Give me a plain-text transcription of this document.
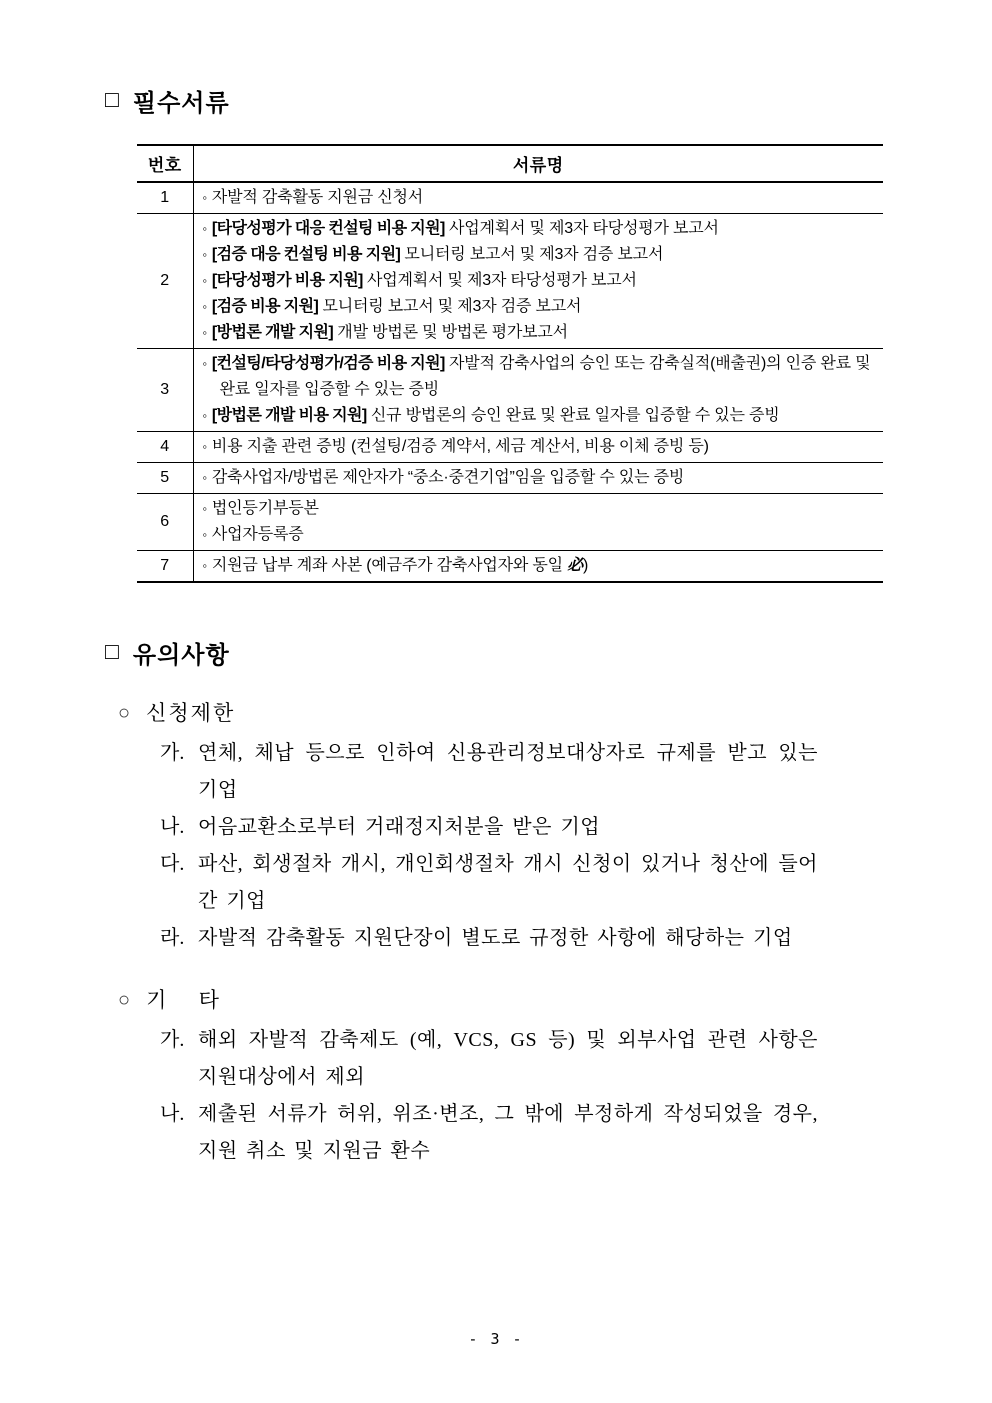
□ 필수서류
번호	서류명
1	◦ 자발적 감축활동 지원금 신청서

2	◦ [타당성평가 대응 컨설팅 비용 지원] 사업계획서 및 제3자 타당성평가 보고서
◦ [검증 대응 컨설팅 비용 지원] 모니터링 보고서 및 제3자 검증 보고서
◦ [타당성평가 비용 지원] 사업계획서 및 제3자 타당성평가 보고서
◦ [검증 비용 지원] 모니터링 보고서 및 제3자 검증 보고서
◦ [방법론 개발 지원] 개발 방법론 및 방법론 평가보고서

3	◦ [컨설팅/타당성평가/검증 비용 지원] 자발적 감축사업의 승인 또는 감축실적(배출권)의 인증 완료 및 완료 일자를 입증할 수 있는 증빙
◦ [방법론 개발 비용 지원] 신규 방법론의 승인 완료 및 완료 일자를 입증할 수 있는 증빙

4	◦ 비용 지출 관련 증빙 (컨설팅/검증 계약서, 세금 계산서, 비용 이체 증빙 등)

5	◦ 감축사업자/방법론 제안자가 “중소·중견기업”임을 입증할 수 있는 증빙

6	◦ 법인등기부등본
◦ 사업자등록증

7	◦ 지원금 납부 계좌 사본 (예금주가 감축사업자와 동일 必)
□ 유의사항
○ 신청제한
가. 연체, 체납 등으로 인하여 신용관리정보대상자로 규제를 받고 있는 기업
나. 어음교환소로부터 거래정지처분을 받은 기업
다. 파산, 회생절차 개시, 개인회생절차 개시 신청이 있거나 청산에 들어간 기업
라. 자발적 감축활동 지원단장이 별도로 규정한 사항에 해당하는 기업
○ 기　 타
가. 해외 자발적 감축제도 (예, VCS, GS 등) 및 외부사업 관련 사항은 지원대상에서 제외
나. 제출된 서류가 허위, 위조·변조, 그 밖에 부정하게 작성되었을 경우, 지원 취소 및 지원금 환수
- 3 -
